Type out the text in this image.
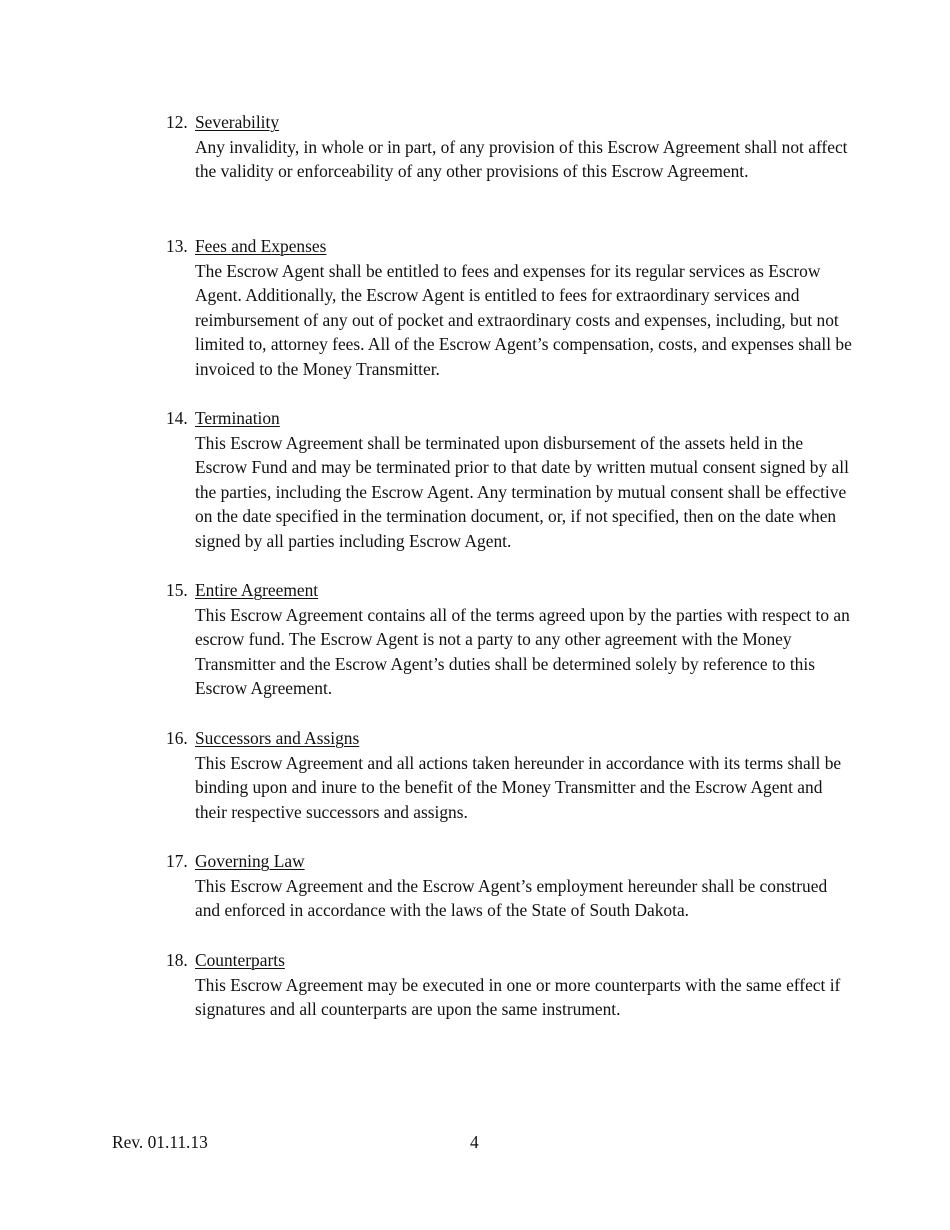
12. Severability
Any invalidity, in whole or in part, of any provision of this Escrow Agreement shall not affect the validity or enforceability of any other provisions of this Escrow Agreement.
13. Fees and Expenses
The Escrow Agent shall be entitled to fees and expenses for its regular services as Escrow Agent. Additionally, the Escrow Agent is entitled to fees for extraordinary services and reimbursement of any out of pocket and extraordinary costs and expenses, including, but not limited to, attorney fees. All of the Escrow Agent’s compensation, costs, and expenses shall be invoiced to the Money Transmitter.
14. Termination
This Escrow Agreement shall be terminated upon disbursement of the assets held in the Escrow Fund and may be terminated prior to that date by written mutual consent signed by all the parties, including the Escrow Agent. Any termination by mutual consent shall be effective on the date specified in the termination document, or, if not specified, then on the date when signed by all parties including Escrow Agent.
15. Entire Agreement
This Escrow Agreement contains all of the terms agreed upon by the parties with respect to an escrow fund. The Escrow Agent is not a party to any other agreement with the Money Transmitter and the Escrow Agent’s duties shall be determined solely by reference to this Escrow Agreement.
16. Successors and Assigns
This Escrow Agreement and all actions taken hereunder in accordance with its terms shall be binding upon and inure to the benefit of the Money Transmitter and the Escrow Agent and their respective successors and assigns.
17. Governing Law
This Escrow Agreement and the Escrow Agent’s employment hereunder shall be construed and enforced in accordance with the laws of the State of South Dakota.
18. Counterparts
This Escrow Agreement may be executed in one or more counterparts with the same effect if signatures and all counterparts are upon the same instrument.
Rev. 01.11.13	4
